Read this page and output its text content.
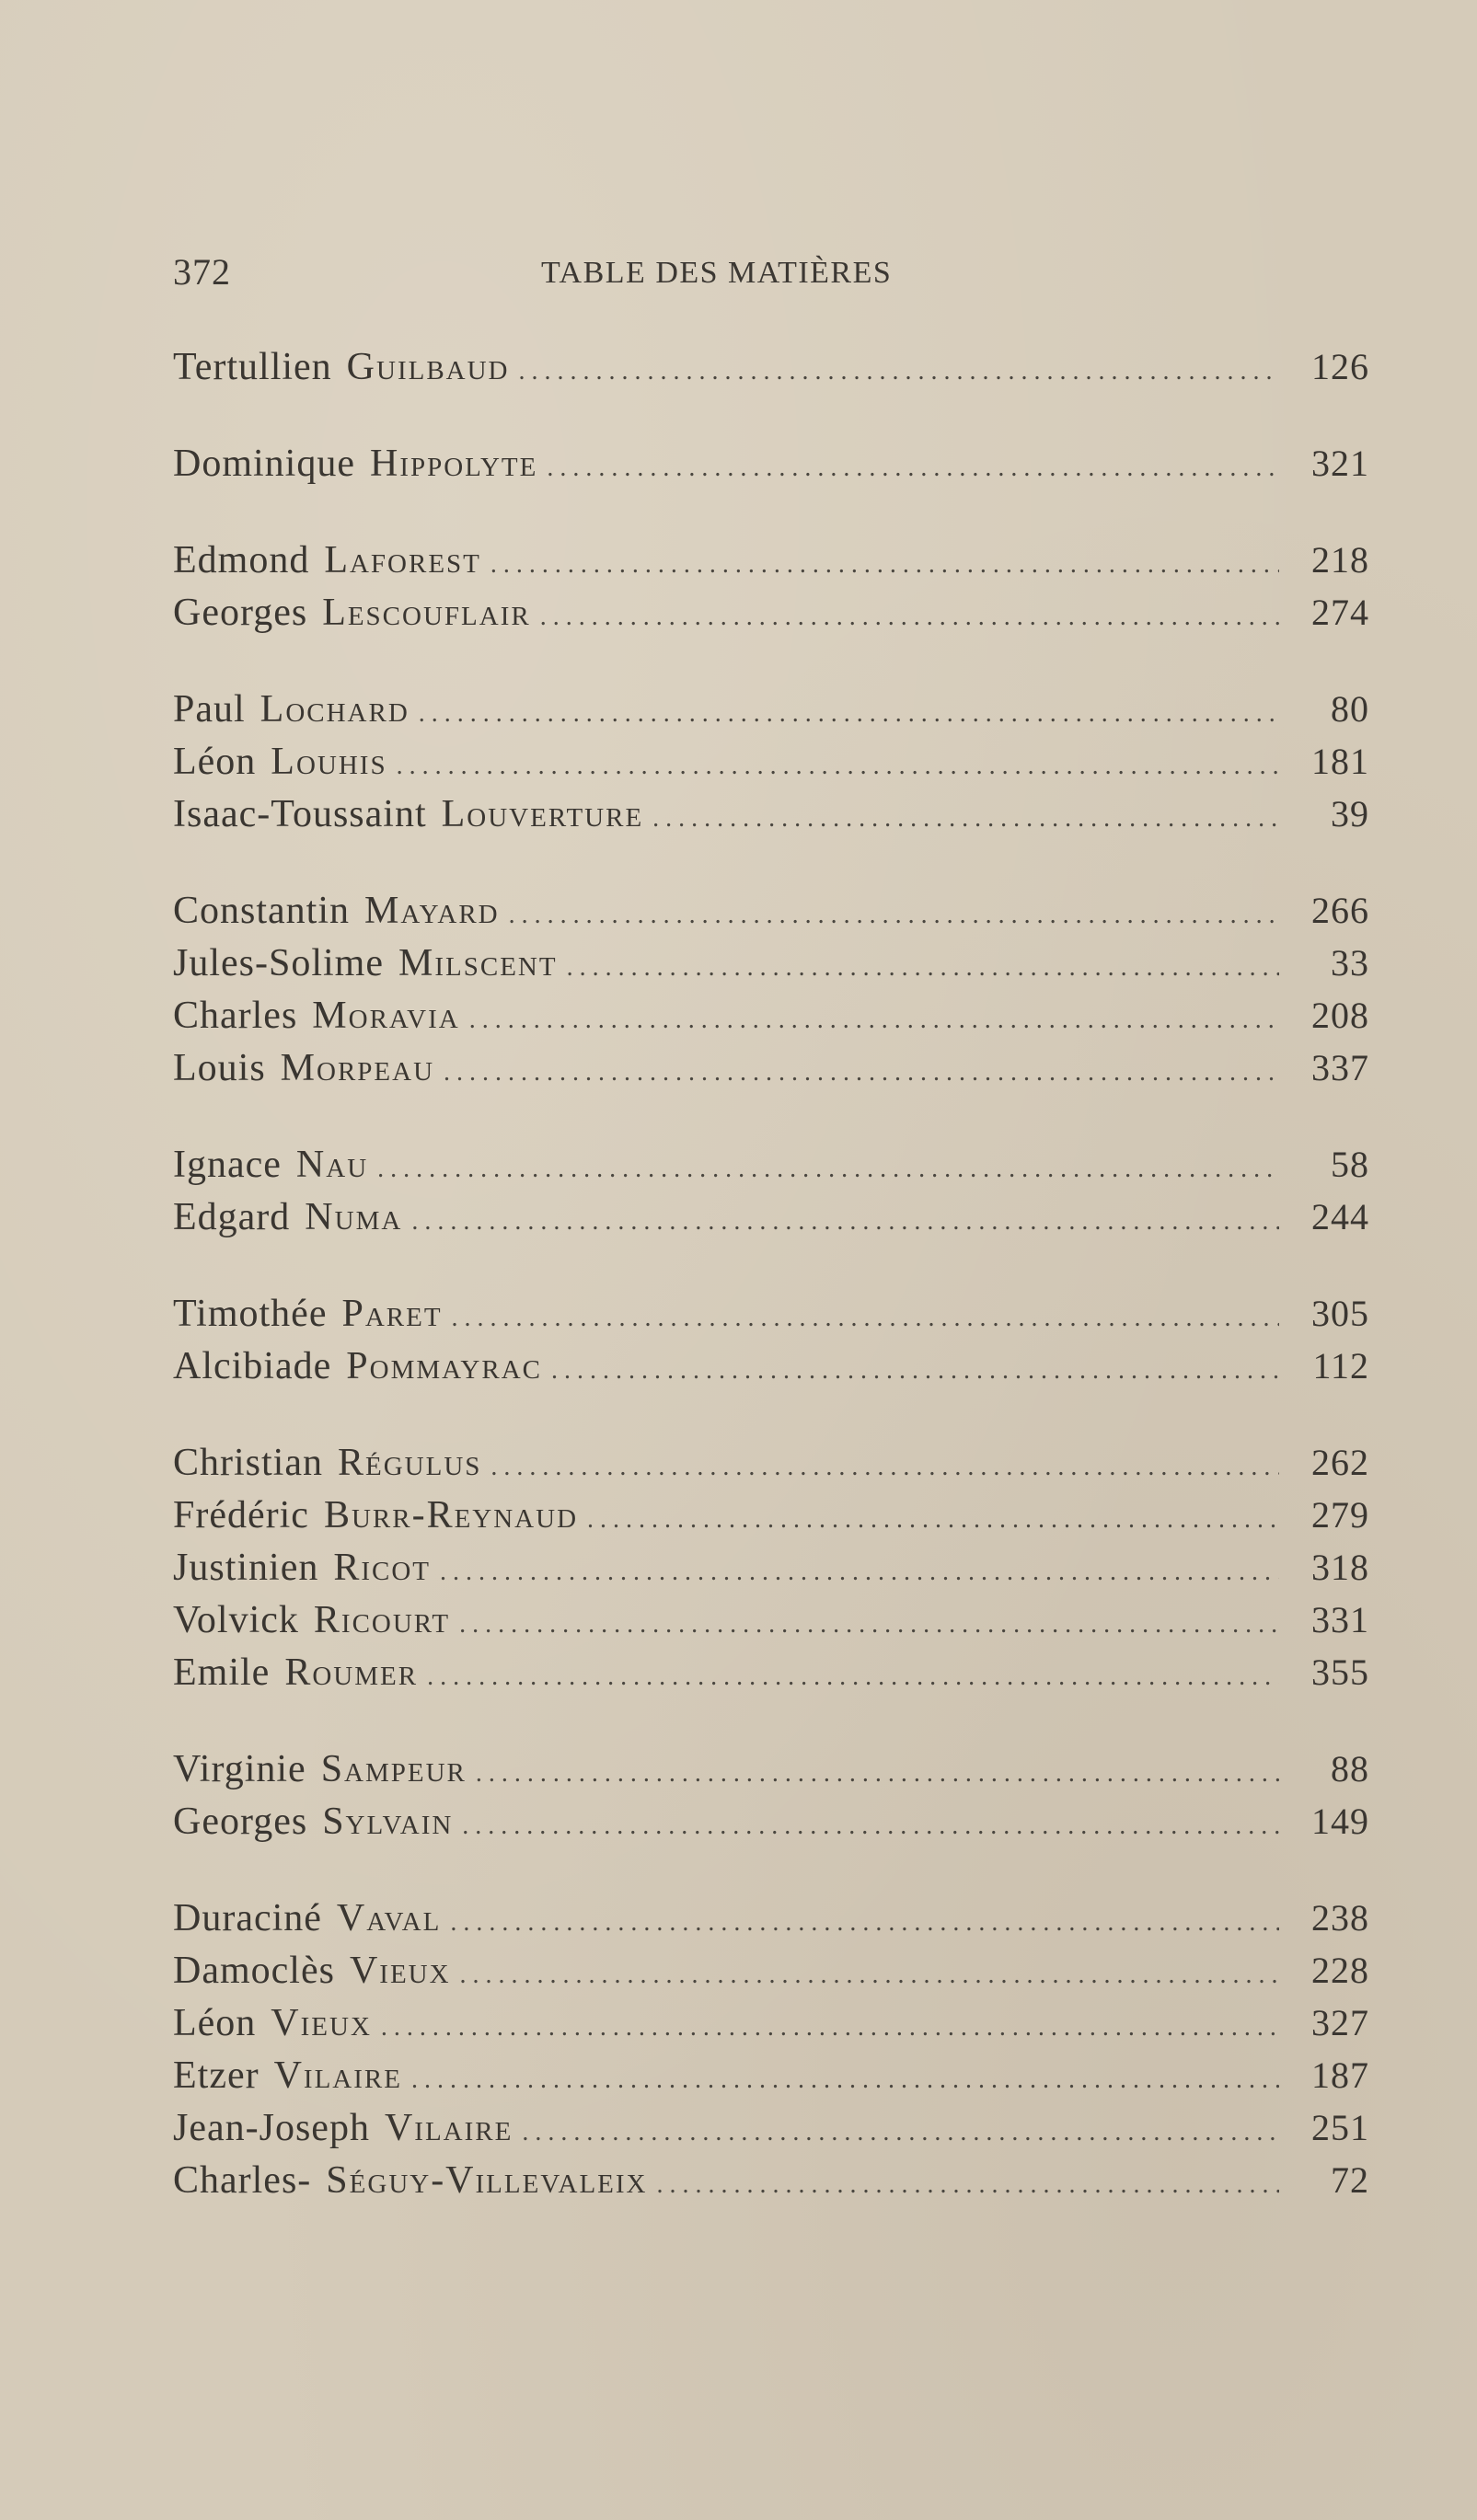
372	TABLE DES MATIÈRES
Tertullien Guilbaud .....	126
Dominique Hippolyte .....	321
Edmond Laforest .....	218
Georges Lescouflair .....	274
Paul Lochard .....	80
Léon Louhis .....	181
Isaac-Toussaint Louverture .....	39
Constantin Mayard .....	266
Jules-Solime Milscent .....	33
Charles Moravia .....	208
Louis Morpeau .....	337
Ignace Nau .....	58
Edgard Numa .....	244
Timothée Paret .....	305
Alcibiade Pommayrac .....	112
Christian Régulus .....	262
Frédéric Burr-Reynaud .....	279
Justinien Ricot .....	318
Volvick Ricourt .....	331
Emile Roumer .....	355
Virginie Sampeur .....	88
Georges Sylvain .....	149
Duraciné Vaval .....	238
Damoclès Vieux .....	228
Léon Vieux .....	327
Etzer Vilaire .....	187
Jean-Joseph Vilaire .....	251
Charles- Séguy-Villevaleix .....	72
